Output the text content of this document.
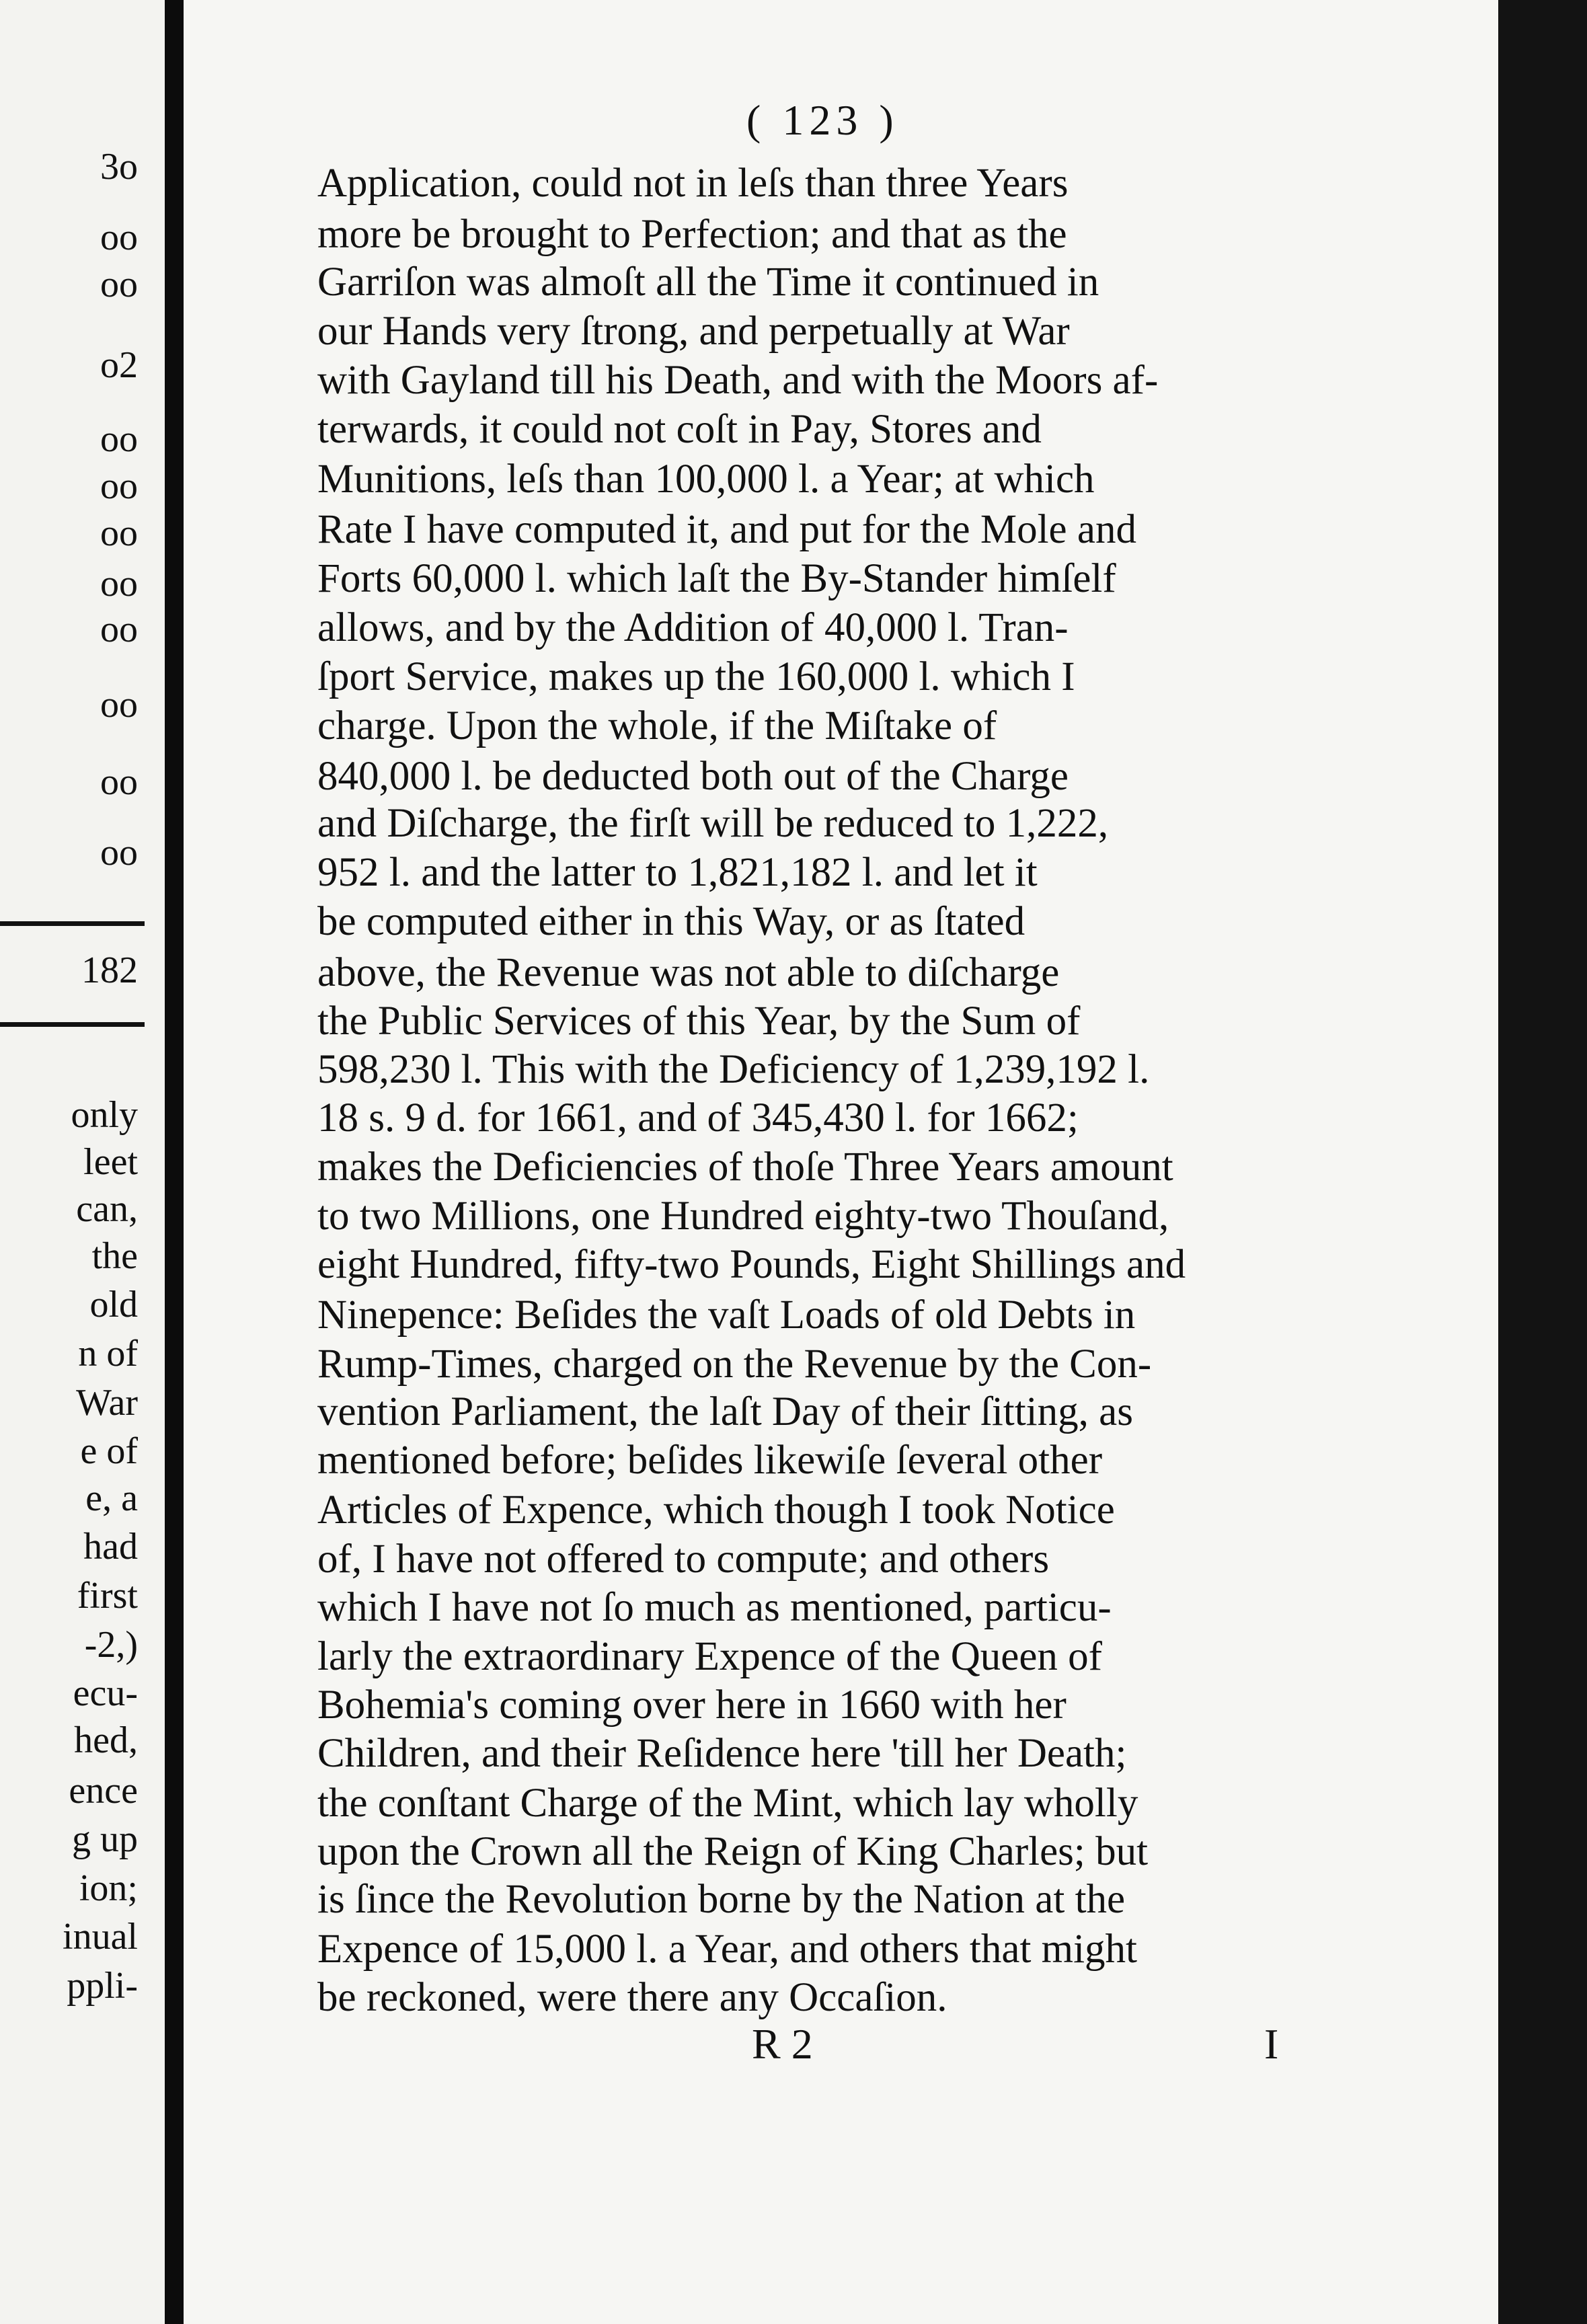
3o
oo
oo
o2
oo
oo
oo
oo
oo
oo
oo
oo
182
only
leet
can,
the
old
n of
War
e of
e, a
had
first
-2,)
ecu-
hed,
ence
g up
ion;
inual
ppli-
( 123 )
Application, could not in leſs than three Years
more be brought to Perfection; and that as the
Garriſon was almoſt all the Time it continued in
our Hands very ſtrong, and perpetually at War
with Gayland till his Death, and with the Moors af-
terwards, it could not coſt in Pay, Stores and
Munitions, leſs than 100,000 l. a Year; at which
Rate I have computed it, and put for the Mole and
Forts 60,000 l. which laſt the By-Stander himſelf
allows, and by the Addition of 40,000 l. Tran-
ſport Service, makes up the 160,000 l. which I
charge. Upon the whole, if the Miſtake of
840,000 l. be deducted both out of the Charge
and Diſcharge, the firſt will be reduced to 1,222,
952 l. and the latter to 1,821,182 l. and let it
be computed either in this Way, or as ſtated
above, the Revenue was not able to diſcharge
the Public Services of this Year, by the Sum of
598,230 l. This with the Deficiency of 1,239,192 l.
18 s. 9 d. for 1661, and of 345,430 l. for 1662;
makes the Deficiencies of thoſe Three Years amount
to two Millions, one Hundred eighty-two Thouſand,
eight Hundred, fifty-two Pounds, Eight Shillings and
Ninepence: Beſides the vaſt Loads of old Debts in
Rump-Times, charged on the Revenue by the Con-
vention Parliament, the laſt Day of their ſitting, as
mentioned before; beſides likewiſe ſeveral other
Articles of Expence, which though I took Notice
of, I have not offered to compute; and others
which I have not ſo much as mentioned, particu-
larly the extraordinary Expence of the Queen of
Bohemia's coming over here in 1660 with her
Children, and their Reſidence here 'till her Death;
the conſtant Charge of the Mint, which lay wholly
upon the Crown all the Reign of King Charles; but
is ſince the Revolution borne by the Nation at the
Expence of 15,000 l. a Year, and others that might
be reckoned, were there any Occaſion.
R 2	I
